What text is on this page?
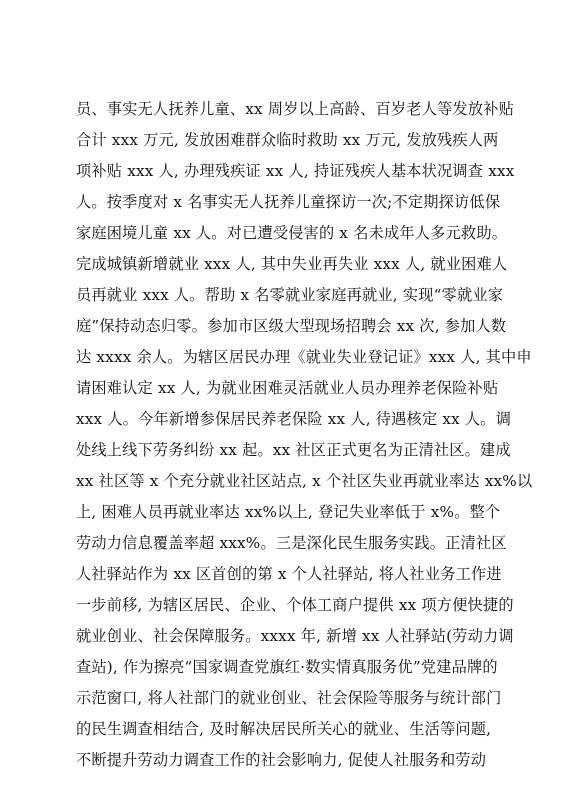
员、事实无人抚养儿童、xx 周岁以上高龄、百岁老人等发放补贴
合计 xxx 万元, 发放困难群众临时救助 xx 万元, 发放残疾人两
项补贴 xxx 人, 办理残疾证 xx 人, 持证残疾人基本状况调查 xxx
人。按季度对 x 名事实无人抚养儿童探访一次;不定期探访低保
家庭困境儿童 xx 人。对已遭受侵害的 x 名未成年人多元救助。
完成城镇新增就业 xxx 人, 其中失业再失业 xxx 人, 就业困难人
员再就业 xxx 人。帮助 x 名零就业家庭再就业, 实现“零就业家
庭”保持动态归零。参加市区级大型现场招聘会 xx 次, 参加人数
达 xxxx 余人。为辖区居民办理《就业失业登记证》xxx 人, 其中申
请困难认定 xx 人, 为就业困难灵活就业人员办理养老保险补贴
xxx 人。今年新增参保居民养老保险 xx 人, 待遇核定 xx 人。调
处线上线下劳务纠纷 xx 起。xx 社区正式更名为正清社区。建成
xx 社区等 x 个充分就业社区站点, x 个社区失业再就业率达 xx%以
上, 困难人员再就业率达 xx%以上, 登记失业率低于 x%。整个
劳动力信息覆盖率超 xxx%。三是深化民生服务实践。正清社区
人社驿站作为 xx 区首创的第 x 个人社驿站, 将人社业务工作进
一步前移, 为辖区居民、企业、个体工商户提供 xx 项方便快捷的
就业创业、社会保障服务。xxxx 年, 新增 xx 人社驿站(劳动力调
查站), 作为擦亮“国家调查党旗红·数实情真服务优”党建品牌的
示范窗口, 将人社部门的就业创业、社会保险等服务与统计部门
的民生调查相结合, 及时解决居民所关心的就业、生活等问题,
不断提升劳动力调查工作的社会影响力, 促使人社服务和劳动
